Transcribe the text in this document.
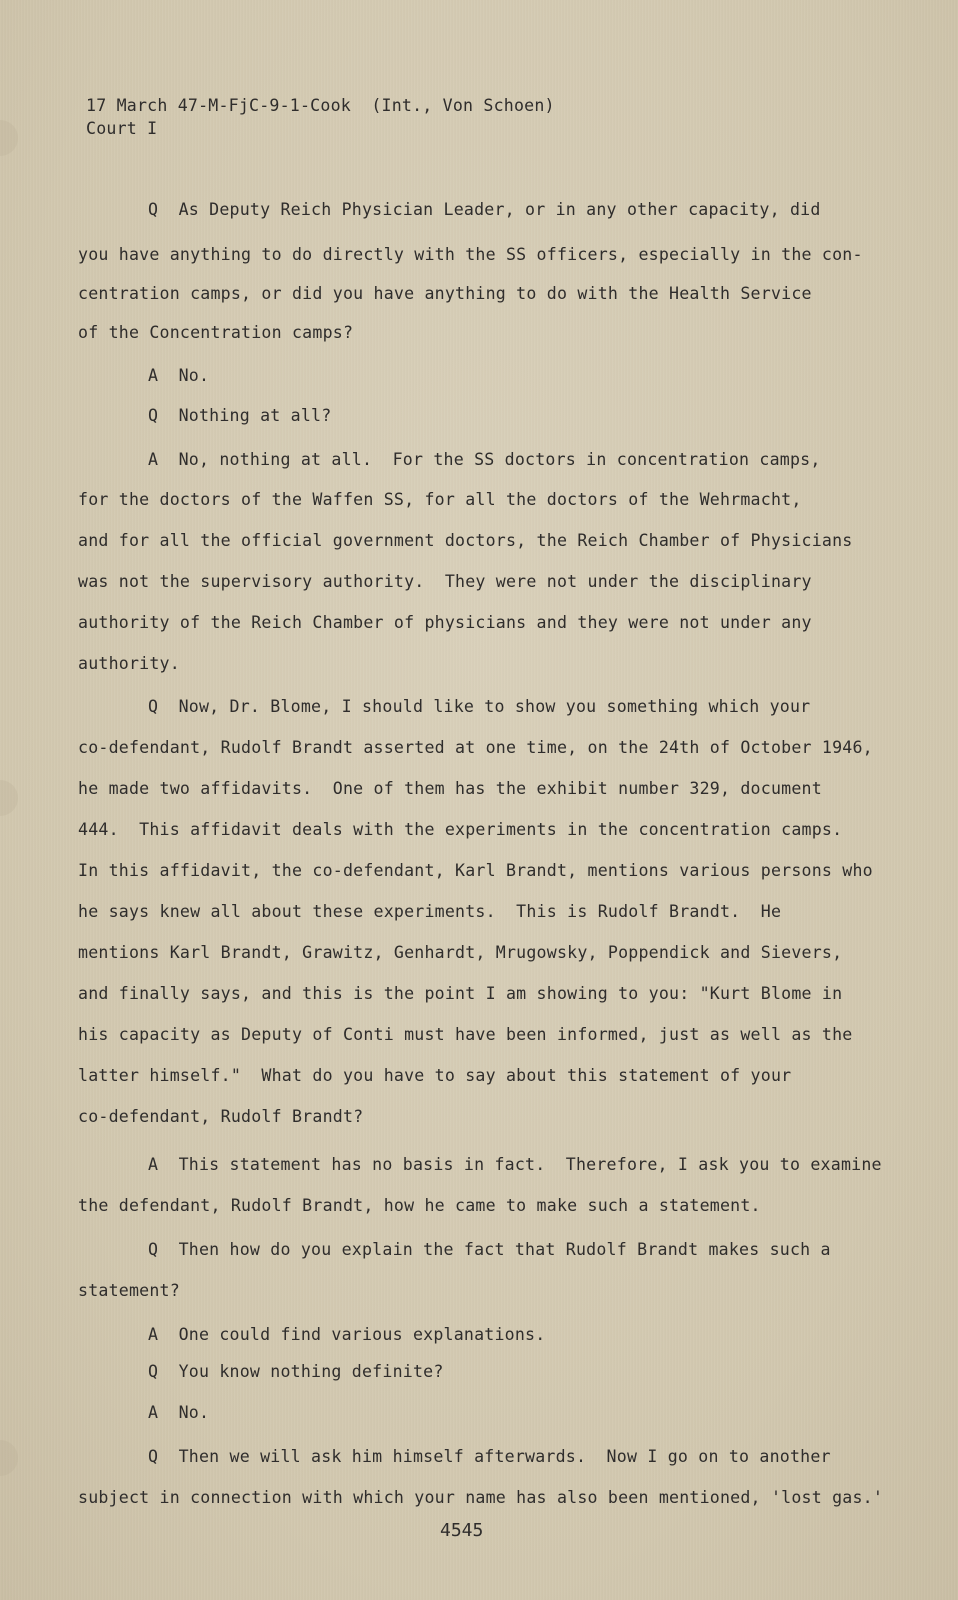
17 March 47-M-FjC-9-1-Cook  (Int., Von Schoen)
Court I
Q  As Deputy Reich Physician Leader, or in any other capacity, did
you have anything to do directly with the SS officers, especially in the con-
centration camps, or did you have anything to do with the Health Service
of the Concentration camps?
A  No.
Q  Nothing at all?
A  No, nothing at all.  For the SS doctors in concentration camps,
for the doctors of the Waffen SS, for all the doctors of the Wehrmacht,
and for all the official government doctors, the Reich Chamber of Physicians
was not the supervisory authority.  They were not under the disciplinary
authority of the Reich Chamber of physicians and they were not under any
authority.
Q  Now, Dr. Blome, I should like to show you something which your
co-defendant, Rudolf Brandt asserted at one time, on the 24th of October 1946,
he made two affidavits.  One of them has the exhibit number 329, document
444.  This affidavit deals with the experiments in the concentration camps.
In this affidavit, the co-defendant, Karl Brandt, mentions various persons who
he says knew all about these experiments.  This is Rudolf Brandt.  He
mentions Karl Brandt, Grawitz, Genhardt, Mrugowsky, Poppendick and Sievers,
and finally says, and this is the point I am showing to you: "Kurt Blome in
his capacity as Deputy of Conti must have been informed, just as well as the
latter himself."  What do you have to say about this statement of your
co-defendant, Rudolf Brandt?
A  This statement has no basis in fact.  Therefore, I ask you to examine
the defendant, Rudolf Brandt, how he came to make such a statement.
Q  Then how do you explain the fact that Rudolf Brandt makes such a
statement?
A  One could find various explanations.
Q  You know nothing definite?
A  No.
Q  Then we will ask him himself afterwards.  Now I go on to another
subject in connection with which your name has also been mentioned, 'lost gas.'
4545
